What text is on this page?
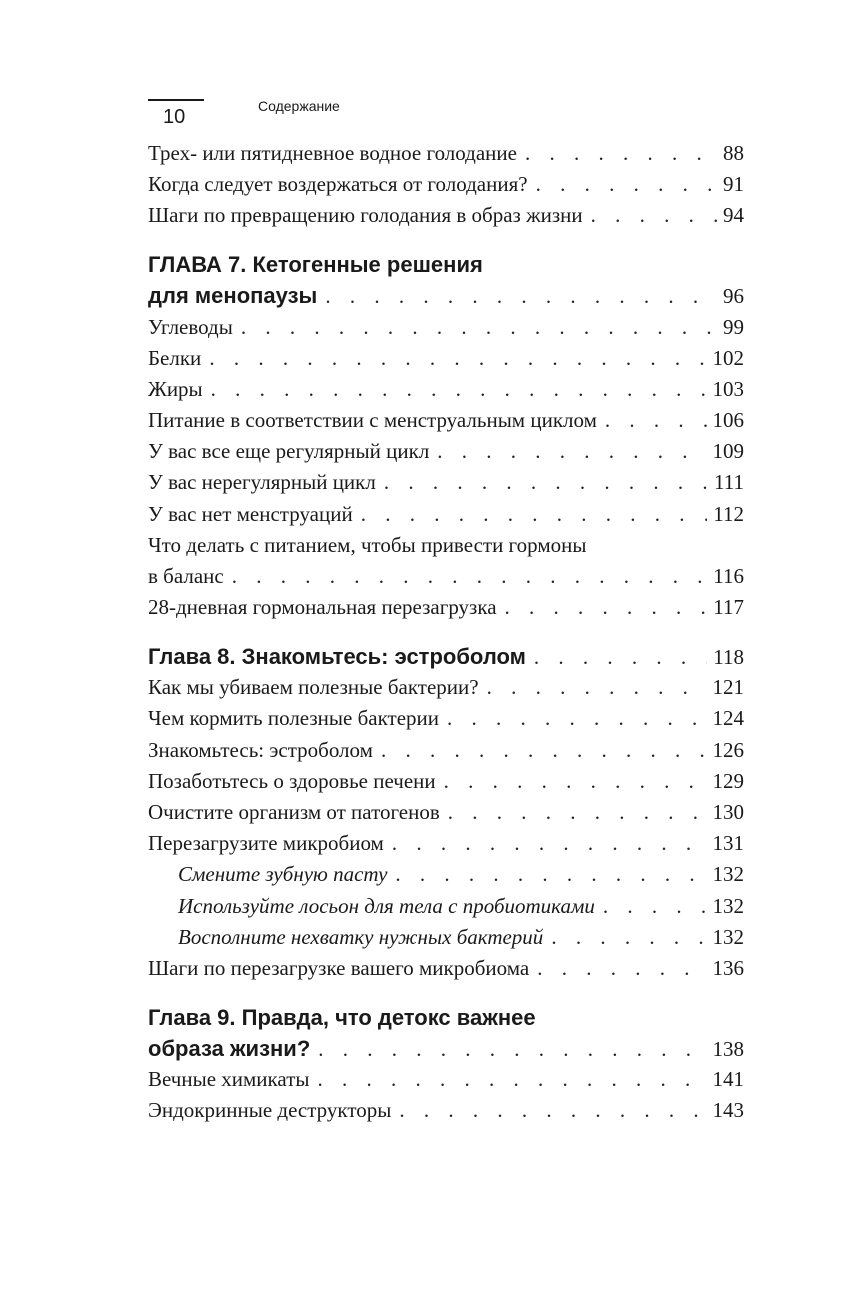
10	Содержание
Трех- или пятидневное водное голодание . . .	88
Когда следует воздержаться от голодания? . . .	91
Шаги по превращению голодания в образ жизни . . .	94
ГЛАВА 7. Кетогенные решения
для менопаузы . . .	96
Углеводы . . .	99
Белки . . .	102
Жиры . . .	103
Питание в соответствии с менструальным циклом . . .	106
У вас все еще регулярный цикл . . .	109
У вас нерегулярный цикл . . .	111
У вас нет менструаций . . .	112
Что делать с питанием, чтобы привести гормоны
в баланс . . .	116
28-дневная гормональная перезагрузка . . .	117
Глава 8. Знакомьтесь: эстроболом . . .	118
Как мы убиваем полезные бактерии? . . .	121
Чем кормить полезные бактерии . . .	124
Знакомьтесь: эстроболом . . .	126
Позаботьтесь о здоровье печени . . .	129
Очистите организм от патогенов . . .	130
Перезагрузите микробиом . . .	131
Смените зубную пасту . . .	132
Используйте лосьон для тела с пробиотиками . . .	132
Восполните нехватку нужных бактерий . . .	132
Шаги по перезагрузке вашего микробиома . . .	136
Глава 9. Правда, что детокс важнее
образа жизни? . . .	138
Вечные химикаты . . .	141
Эндокринные деструкторы . . .	143
